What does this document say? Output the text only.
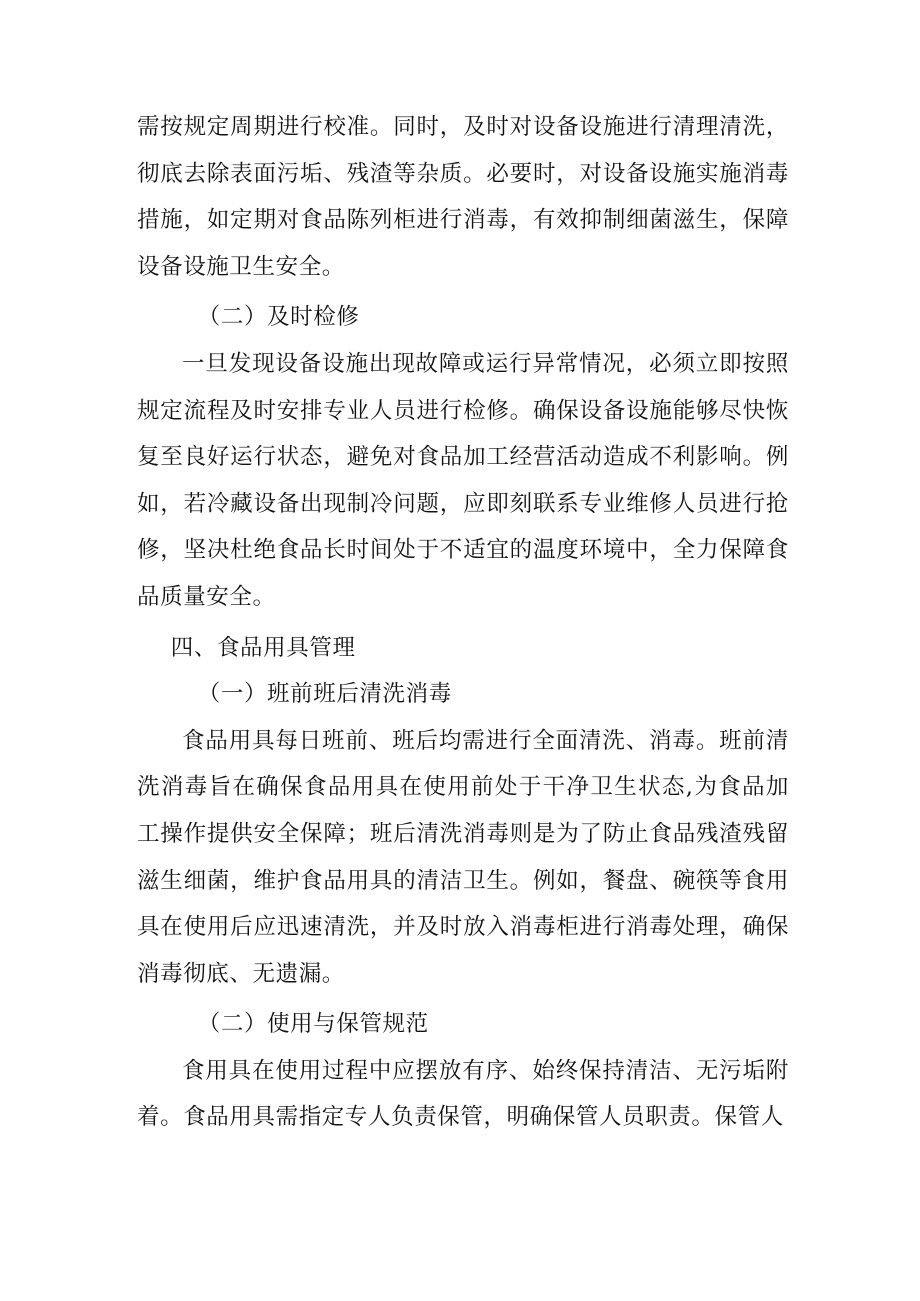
需按规定周期进行校准。同时，及时对设备设施进行清理清洗，彻底去除表面污垢、残渣等杂质。必要时，对设备设施实施消毒措施，如定期对食品陈列柜进行消毒，有效抑制细菌滋生，保障设备设施卫生安全。

（二）及时检修

一旦发现设备设施出现故障或运行异常情况，必须立即按照规定流程及时安排专业人员进行检修。确保设备设施能够尽快恢复至良好运行状态，避免对食品加工经营活动造成不利影响。例如，若冷藏设备出现制冷问题，应即刻联系专业维修人员进行抢修，坚决杜绝食品长时间处于不适宜的温度环境中，全力保障食品质量安全。

四、食品用具管理

（一）班前班后清洗消毒

食品用具每日班前、班后均需进行全面清洗、消毒。班前清洗消毒旨在确保食品用具在使用前处于干净卫生状态,为食品加工操作提供安全保障；班后清洗消毒则是为了防止食品残渣残留滋生细菌，维护食品用具的清洁卫生。例如，餐盘、碗筷等食用具在使用后应迅速清洗，并及时放入消毒柜进行消毒处理，确保消毒彻底、无遗漏。

（二）使用与保管规范

食用具在使用过程中应摆放有序、始终保持清洁、无污垢附着。食品用具需指定专人负责保管，明确保管人员职责。保管人
